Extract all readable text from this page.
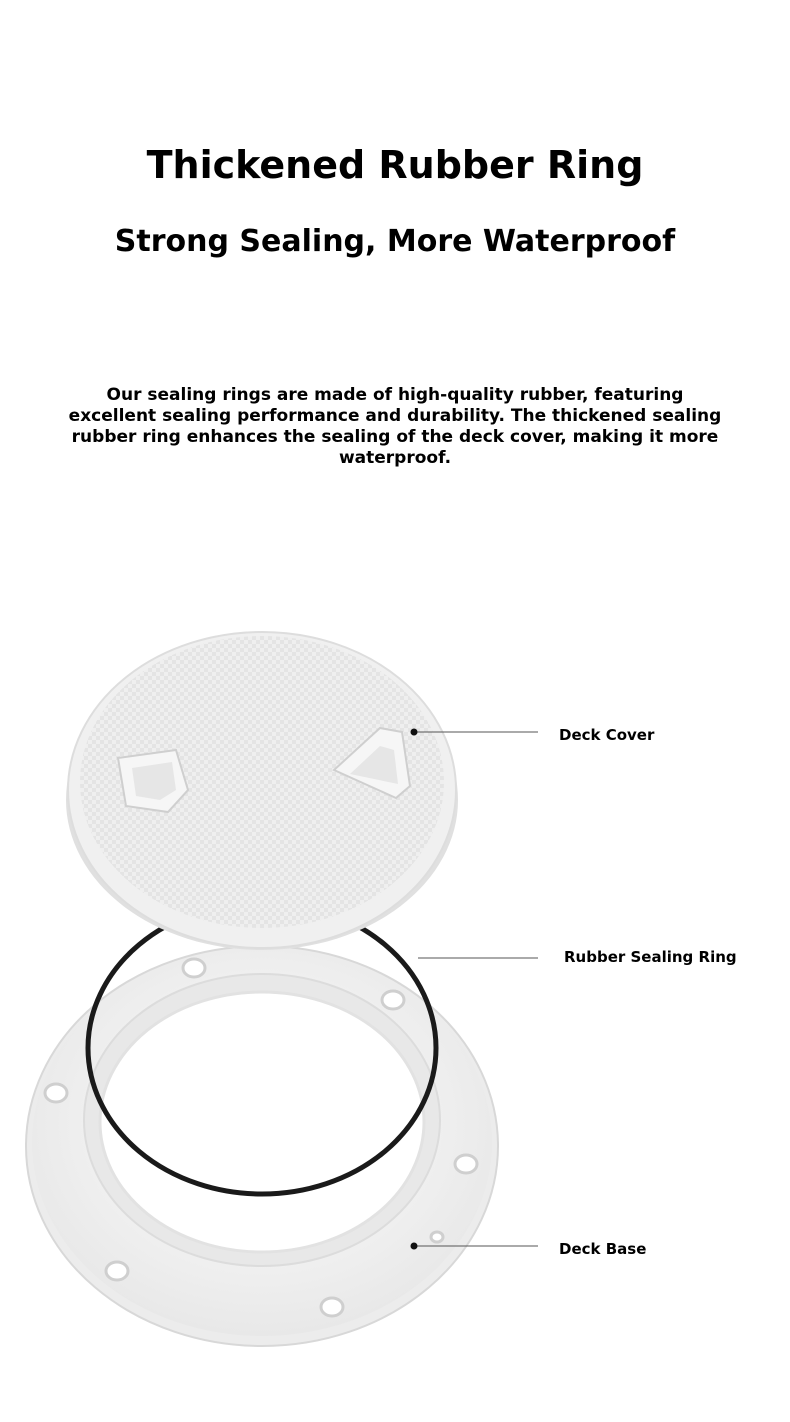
Thickened Rubber Ring
Strong Sealing, More Waterproof

Our sealing rings are made of high-quality rubber, featuring excellent sealing performance and durability. The thickened sealing rubber ring enhances the sealing of the deck cover, making it more waterproof.

Deck Cover
Rubber Sealing Ring
Deck Base
